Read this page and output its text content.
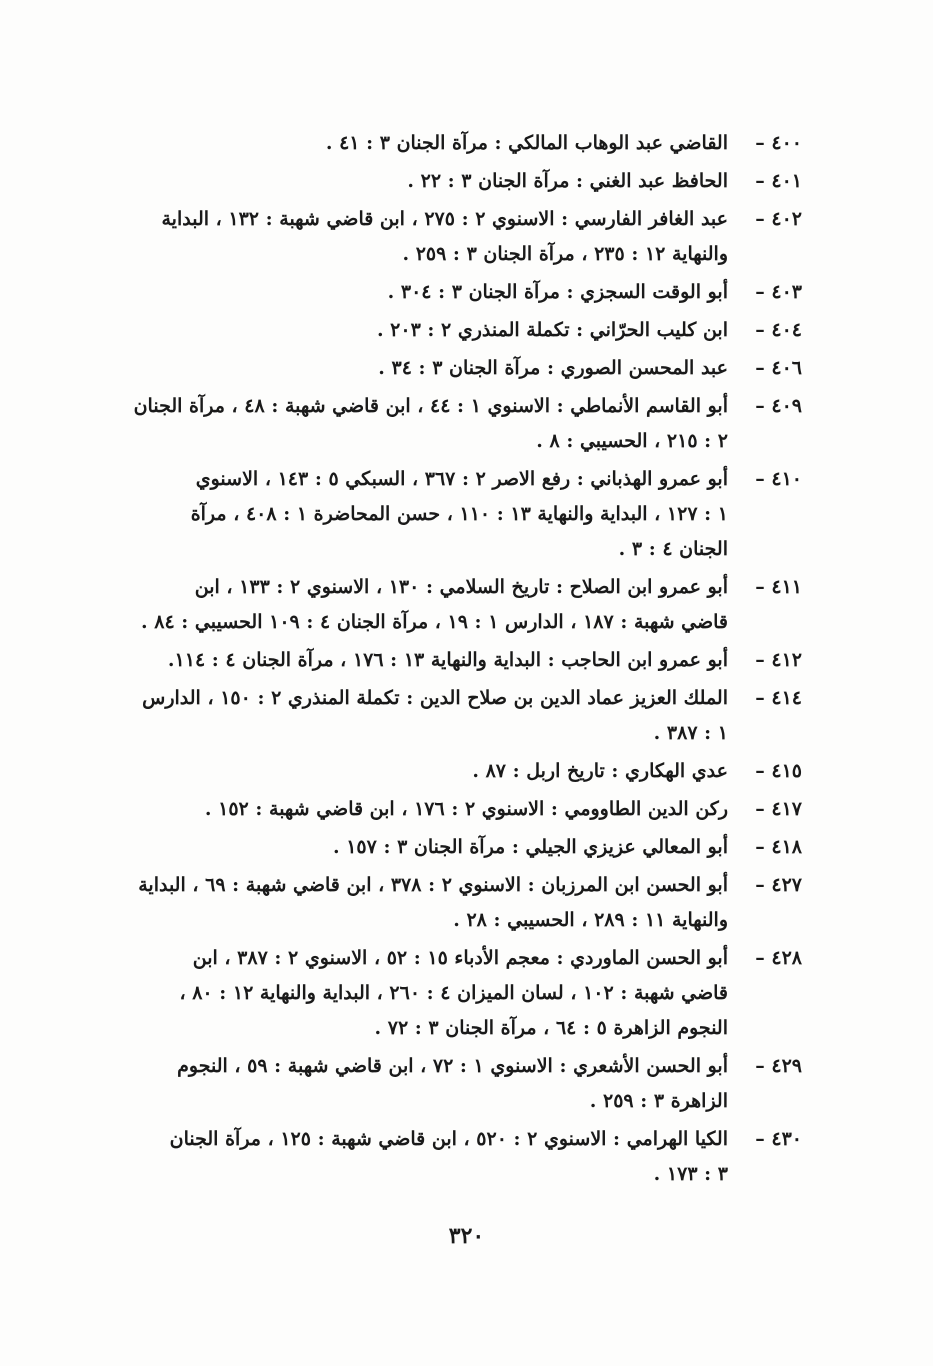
٤٠٠ –
القاضي عبد الوهاب المالكي : مرآة الجنان ٣ : ٤١ .
٤٠١ –
الحافظ عبد الغني : مرآة الجنان ٣ : ٢٢ .
٤٠٢ –
عبد الغافر الفارسي : الاسنوي ٢ : ٢٧٥ ، ابن قاضي شهبة : ١٣٢ ، البداية
والنهاية ١٢ : ٢٣٥ ، مرآة الجنان ٣ : ٢٥٩ .
٤٠٣ –
أبو الوقت السجزي : مرآة الجنان ٣ : ٣٠٤ .
٤٠٤ –
ابن كليب الحرّاني : تكملة المنذري ٢ : ٢٠٣ .
٤٠٦ –
عبد المحسن الصوري : مرآة الجنان ٣ : ٣٤ .
٤٠٩ –
أبو القاسم الأنماطي : الاسنوي ١ : ٤٤ ، ابن قاضي شهبة : ٤٨ ، مرآة الجنان
٢ : ٢١٥ ، الحسيبي : ٨ .
٤١٠ –
أبو عمرو الهذباني : رفع الاصر ٢ : ٣٦٧ ، السبكي ٥ : ١٤٣ ، الاسنوي
١ : ١٢٧ ، البداية والنهاية ١٣ : ١١٠ ، حسن المحاضرة ١ : ٤٠٨ ، مرآة
الجنان ٤ : ٣ .
٤١١ –
أبو عمرو ابن الصلاح : تاريخ السلامي : ١٣٠ ، الاسنوي ٢ : ١٣٣ ، ابن
قاضي شهبة : ١٨٧ ، الدارس ١ : ١٩ ، مرآة الجنان ٤ : ١٠٩ الحسيبي : ٨٤ .
٤١٢ –
أبو عمرو ابن الحاجب : البداية والنهاية ١٣ : ١٧٦ ، مرآة الجنان ٤ : ١١٤.
٤١٤ –
الملك العزيز عماد الدين بن صلاح الدين : تكملة المنذري ٢ : ١٥٠ ، الدارس
١ : ٣٨٧ .
٤١٥ –
عدي الهكاري : تاريخ اربل : ٨٧ .
٤١٧ –
ركن الدين الطاوومي : الاسنوي ٢ : ١٧٦ ، ابن قاضي شهبة : ١٥٢ .
٤١٨ –
أبو المعالي عزيزي الجيلي : مرآة الجنان ٣ : ١٥٧ .
٤٢٧ –
أبو الحسن ابن المرزبان : الاسنوي ٢ : ٣٧٨ ، ابن قاضي شهبة : ٦٩ ، البداية
والنهاية ١١ : ٢٨٩ ، الحسيبي : ٢٨ .
٤٢٨ –
أبو الحسن الماوردي : معجم الأدباء ١٥ : ٥٢ ، الاسنوي ٢ : ٣٨٧ ، ابن
قاضي شهبة : ١٠٢ ، لسان الميزان ٤ : ٢٦٠ ، البداية والنهاية ١٢ : ٨٠ ،
النجوم الزاهرة ٥ : ٦٤ ، مرآة الجنان ٣ : ٧٢ .
٤٢٩ –
أبو الحسن الأشعري : الاسنوي ١ : ٧٢ ، ابن قاضي شهبة : ٥٩ ، النجوم
الزاهرة ٣ : ٢٥٩ .
٤٣٠ –
الكيا الهرامي : الاسنوي ٢ : ٥٢٠ ، ابن قاضي شهبة : ١٢٥ ، مرآة الجنان
٣ : ١٧٣ .
٣٢٠
